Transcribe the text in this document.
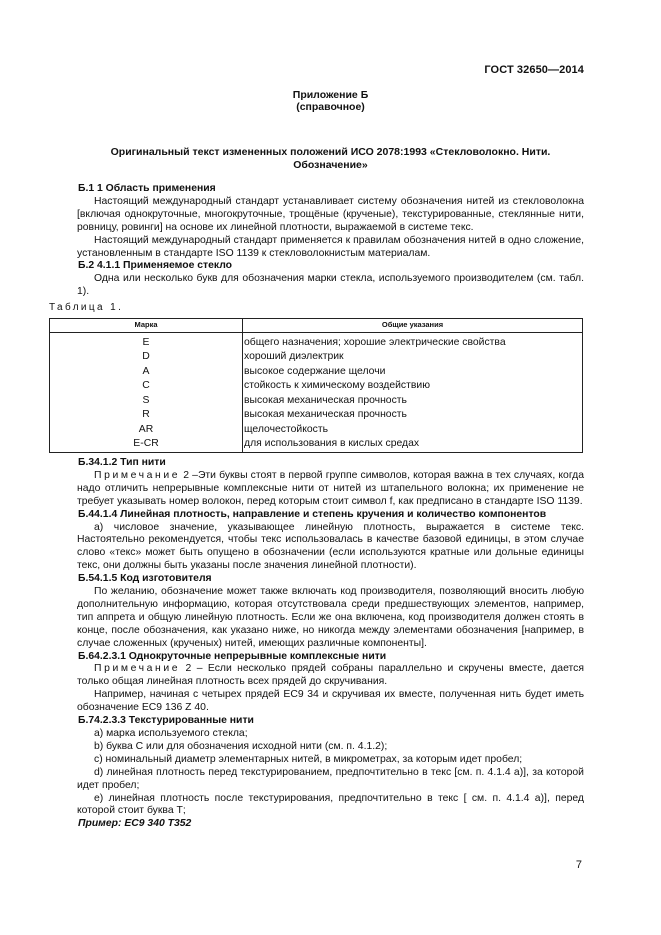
ГОСТ 32650—2014
Приложение Б
(справочное)
Оригинальный текст измененных положений ИСО 2078:1993 «Стекловолокно. Нити. Обозначение»

Б.1 1 Область применения

Настоящий международный стандарт устанавливает систему обозначения нитей из стекловолокна [включая однокруточные, многокруточные, трощёные (крученые), текстурированные, стеклянные нити, ровницу, ровинги] на основе их линейной плотности, выражаемой в системе текс.

Настоящий международный стандарт применяется к правилам обозначения нитей в одно сложение, установленным в стандарте ISO 1139 к стекловолокнистым материалам.

Б.2 4.1.1 Применяемое стекло

Одна или несколько букв для обозначения марки стекла, используемого производителем (см. табл. 1).

Таблица 1.

Марка	Общие указания
E	общего назначения; хорошие электрические свойства
D	хороший диэлектрик
A	высокое содержание щелочи
C	стойкость к химическому воздействию
S	высокая механическая прочность
R	высокая механическая прочность
AR	щелочестойкость
E-CR	для использования в кислых средах

Б.34.1.2 Тип нити

Примечание 2 –Эти буквы стоят в первой группе символов, которая важна в тех случаях, когда надо отличить непрерывные комплексные нити от нитей из штапельного волокна; их применение не требует указывать номер волокон, перед которым стоит символ f, как предписано в стандарте ISO 1139.

Б.44.1.4 Линейная плотность, направление и степень кручения и количество компонентов

a) числовое значение, указывающее линейную плотность, выражается в системе текс. Настоятельно рекомендуется, чтобы текс использовалась в качестве базовой единицы, в этом случае слово «текс» может быть опущено в обозначении (если используются кратные или дольные единицы текс, они должны быть указаны после значения линейной плотности).

Б.54.1.5 Код изготовителя

По желанию, обозначение может также включать код производителя, позволяющий вносить любую дополнительную информацию, которая отсутствовала среди предшествующих элементов, например, тип аппрета и общую линейную плотность. Если же она включена, код производителя должен стоять в конце, после обозначения, как указано ниже, но никогда между элементами обозначения [например, в случае сложенных (крученых) нитей, имеющих различные компоненты].

Б.64.2.3.1 Однокруточные непрерывные комплексные нити

Примечание 2 – Если несколько прядей собраны параллельно и скручены вместе, дается только общая линейная плотность всех прядей до скручивания.

Например, начиная с четырех прядей EC9 34 и скручивая их вместе, полученная нить будет иметь обозначение EC9 136 Z 40.

Б.74.2.3.3 Текстурированные нити

a) марка используемого стекла;

b) буква С или для обозначения исходной нити (см. п. 4.1.2);

c) номинальный диаметр элементарных нитей, в микрометрах, за которым идет пробел;

d) линейная плотность перед текстурированием, предпочтительно в текс [см. п. 4.1.4 a)], за которой идет пробел;

e) линейная плотность после текстурирования, предпочтительно в текс [ см. п. 4.1.4 a)], перед которой стоит буква Т;

Пример: EC9 340 T352

7
